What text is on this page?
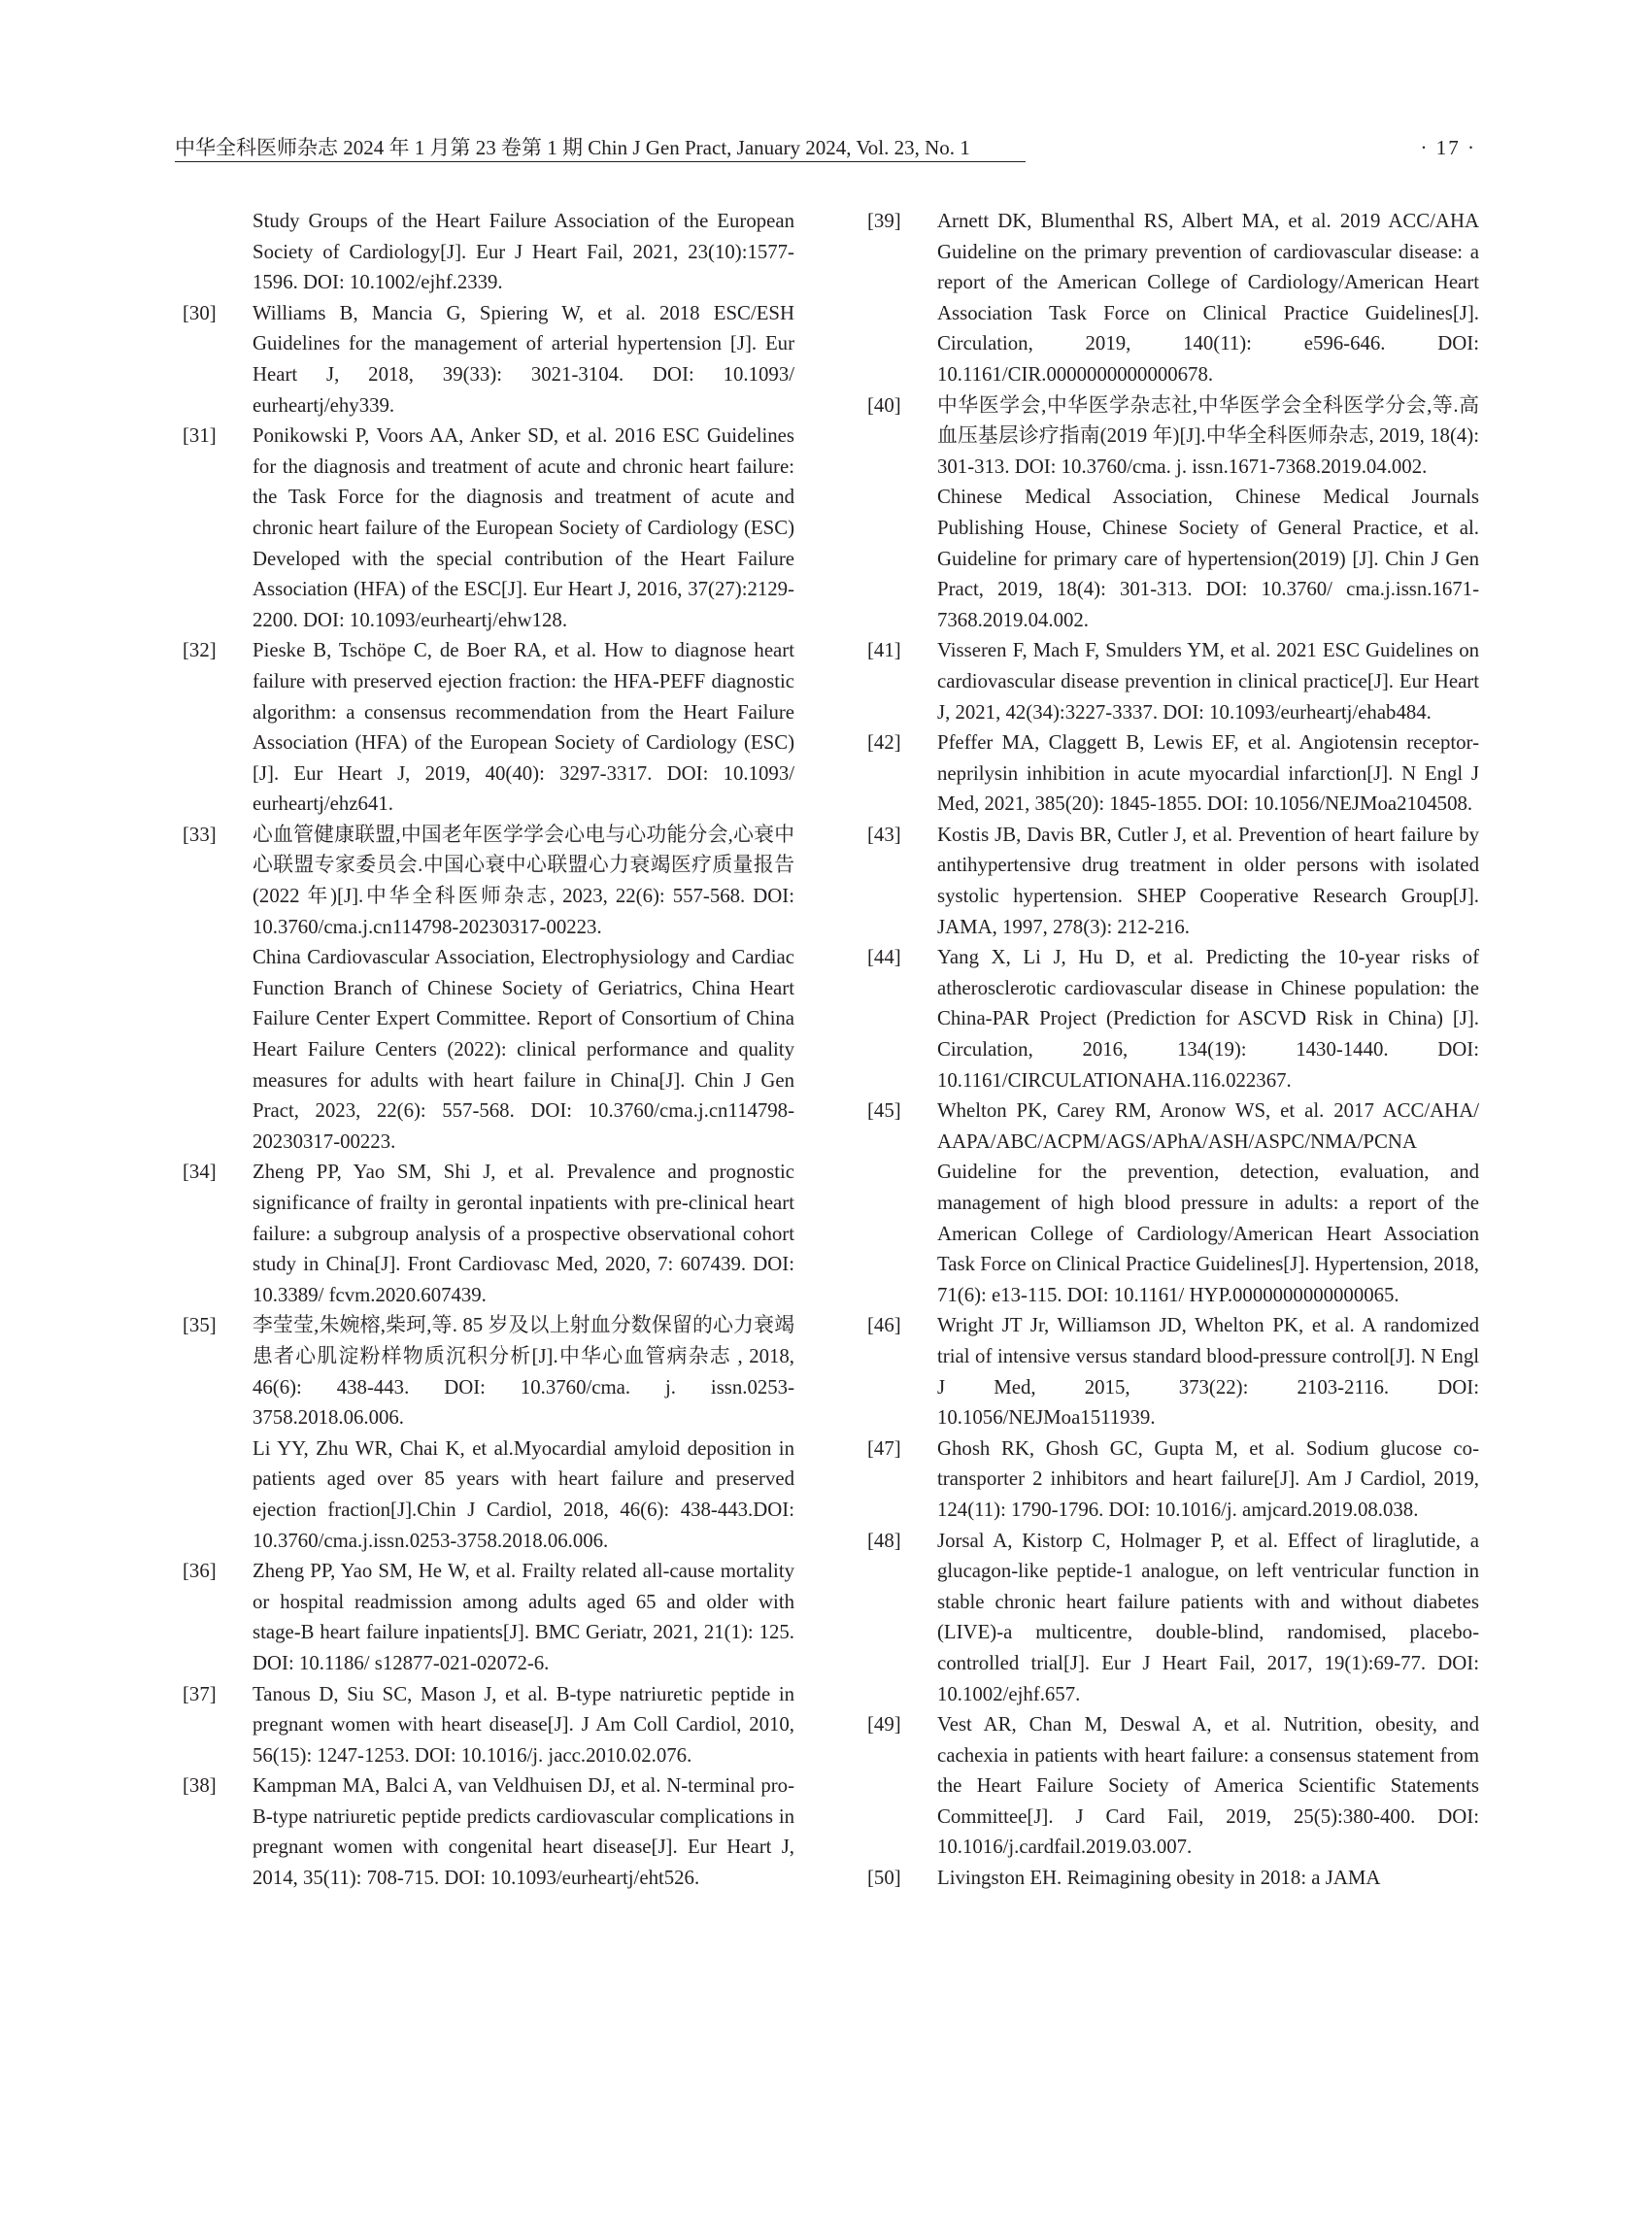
中华全科医师杂志 2024 年 1 月第 23 卷第 1 期 Chin J Gen Pract, January 2024, Vol. 23, No. 1	· 17 ·
Study Groups of the Heart Failure Association of the European Society of Cardiology[J]. Eur J Heart Fail, 2021, 23(10):1577-1596. DOI: 10.1002/ejhf.2339.
[30] Williams B, Mancia G, Spiering W, et al. 2018 ESC/ESH Guidelines for the management of arterial hypertension [J]. Eur Heart J, 2018, 39(33): 3021-3104. DOI: 10.1093/ eurheartj/ehy339.
[31] Ponikowski P, Voors AA, Anker SD, et al. 2016 ESC Guidelines for the diagnosis and treatment of acute and chronic heart failure: the Task Force for the diagnosis and treatment of acute and chronic heart failure of the European Society of Cardiology (ESC) Developed with the special contribution of the Heart Failure Association (HFA) of the ESC[J]. Eur Heart J, 2016, 37(27):2129-2200. DOI: 10.1093/eurheartj/ehw128.
[32] Pieske B, Tschöpe C, de Boer RA, et al. How to diagnose heart failure with preserved ejection fraction: the HFA-PEFF diagnostic algorithm: a consensus recommendation from the Heart Failure Association (HFA) of the European Society of Cardiology (ESC)[J]. Eur Heart J, 2019, 40(40): 3297-3317. DOI: 10.1093/ eurheartj/ehz641.
[33] 心血管健康联盟,中国老年医学学会心电与心功能分会,心衰中心联盟专家委员会.中国心衰中心联盟心力衰竭医疗质量报告(2022 年)[J].中华全科医师杂志, 2023, 22(6): 557-568. DOI: 10.3760/cma.j.cn114798-20230317-00223.
China Cardiovascular Association, Electrophysiology and Cardiac Function Branch of Chinese Society of Geriatrics, China Heart Failure Center Expert Committee. Report of Consortium of China Heart Failure Centers (2022): clinical performance and quality measures for adults with heart failure in China[J]. Chin J Gen Pract, 2023, 22(6): 557-568. DOI: 10.3760/cma.j.cn114798-20230317-00223.
[34] Zheng PP, Yao SM, Shi J, et al. Prevalence and prognostic significance of frailty in gerontal inpatients with pre-clinical heart failure: a subgroup analysis of a prospective observational cohort study in China[J]. Front Cardiovasc Med, 2020, 7: 607439. DOI: 10.3389/ fcvm.2020.607439.
[35] 李莹莹,朱婉榕,柴珂,等. 85 岁及以上射血分数保留的心力衰竭患者心肌淀粉样物质沉积分析[J].中华心血管病杂志 , 2018, 46(6): 438-443. DOI: 10.3760/cma. j. issn.0253-3758.2018.06.006.
Li YY, Zhu WR, Chai K, et al.Myocardial amyloid deposition in patients aged over 85 years with heart failure and preserved ejection fraction[J].Chin J Cardiol, 2018, 46(6): 438-443.DOI: 10.3760/cma.j.issn.0253-3758.2018.06.006.
[36] Zheng PP, Yao SM, He W, et al. Frailty related all-cause mortality or hospital readmission among adults aged 65 and older with stage-B heart failure inpatients[J]. BMC Geriatr, 2021, 21(1): 125. DOI: 10.1186/ s12877-021-02072-6.
[37] Tanous D, Siu SC, Mason J, et al. B-type natriuretic peptide in pregnant women with heart disease[J]. J Am Coll Cardiol, 2010, 56(15): 1247-1253. DOI: 10.1016/j. jacc.2010.02.076.
[38] Kampman MA, Balci A, van Veldhuisen DJ, et al. N-terminal pro-B-type natriuretic peptide predicts cardiovascular complications in pregnant women with congenital heart disease[J]. Eur Heart J, 2014, 35(11): 708-715. DOI: 10.1093/eurheartj/eht526.
[39] Arnett DK, Blumenthal RS, Albert MA, et al. 2019 ACC/AHA Guideline on the primary prevention of cardiovascular disease: a report of the American College of Cardiology/American Heart Association Task Force on Clinical Practice Guidelines[J]. Circulation, 2019, 140(11): e596-646. DOI: 10.1161/CIR.0000000000000678.
[40] 中华医学会,中华医学杂志社,中华医学会全科医学分会,等.高血压基层诊疗指南(2019 年)[J].中华全科医师杂志, 2019, 18(4): 301-313. DOI: 10.3760/cma. j. issn.1671-7368.2019.04.002.
Chinese Medical Association, Chinese Medical Journals Publishing House, Chinese Society of General Practice, et al. Guideline for primary care of hypertension(2019) [J]. Chin J Gen Pract, 2019, 18(4): 301-313. DOI: 10.3760/ cma.j.issn.1671-7368.2019.04.002.
[41] Visseren F, Mach F, Smulders YM, et al. 2021 ESC Guidelines on cardiovascular disease prevention in clinical practice[J]. Eur Heart J, 2021, 42(34):3227-3337. DOI: 10.1093/eurheartj/ehab484.
[42] Pfeffer MA, Claggett B, Lewis EF, et al. Angiotensin receptor-neprilysin inhibition in acute myocardial infarction[J]. N Engl J Med, 2021, 385(20): 1845-1855. DOI: 10.1056/NEJMoa2104508.
[43] Kostis JB, Davis BR, Cutler J, et al. Prevention of heart failure by antihypertensive drug treatment in older persons with isolated systolic hypertension. SHEP Cooperative Research Group[J]. JAMA, 1997, 278(3): 212-216.
[44] Yang X, Li J, Hu D, et al. Predicting the 10-year risks of atherosclerotic cardiovascular disease in Chinese population: the China-PAR Project (Prediction for ASCVD Risk in China) [J]. Circulation, 2016, 134(19): 1430-1440. DOI: 10.1161/CIRCULATIONAHA.116.022367.
[45] Whelton PK, Carey RM, Aronow WS, et al. 2017 ACC/AHA/ AAPA/ABC/ACPM/AGS/APhA/ASH/ASPC/NMA/PCNA Guideline for the prevention, detection, evaluation, and management of high blood pressure in adults: a report of the American College of Cardiology/American Heart Association Task Force on Clinical Practice Guidelines[J]. Hypertension, 2018, 71(6): e13-115. DOI: 10.1161/ HYP.0000000000000065.
[46] Wright JT Jr, Williamson JD, Whelton PK, et al. A randomized trial of intensive versus standard blood-pressure control[J]. N Engl J Med, 2015, 373(22): 2103-2116. DOI: 10.1056/NEJMoa1511939.
[47] Ghosh RK, Ghosh GC, Gupta M, et al. Sodium glucose co-transporter 2 inhibitors and heart failure[J]. Am J Cardiol, 2019, 124(11): 1790-1796. DOI: 10.1016/j. amjcard.2019.08.038.
[48] Jorsal A, Kistorp C, Holmager P, et al. Effect of liraglutide, a glucagon-like peptide-1 analogue, on left ventricular function in stable chronic heart failure patients with and without diabetes (LIVE)-a multicentre, double-blind, randomised, placebo-controlled trial[J]. Eur J Heart Fail, 2017, 19(1):69-77. DOI: 10.1002/ejhf.657.
[49] Vest AR, Chan M, Deswal A, et al. Nutrition, obesity, and cachexia in patients with heart failure: a consensus statement from the Heart Failure Society of America Scientific Statements Committee[J]. J Card Fail, 2019, 25(5):380-400. DOI: 10.1016/j.cardfail.2019.03.007.
[50] Livingston EH. Reimagining obesity in 2018: a JAMA
